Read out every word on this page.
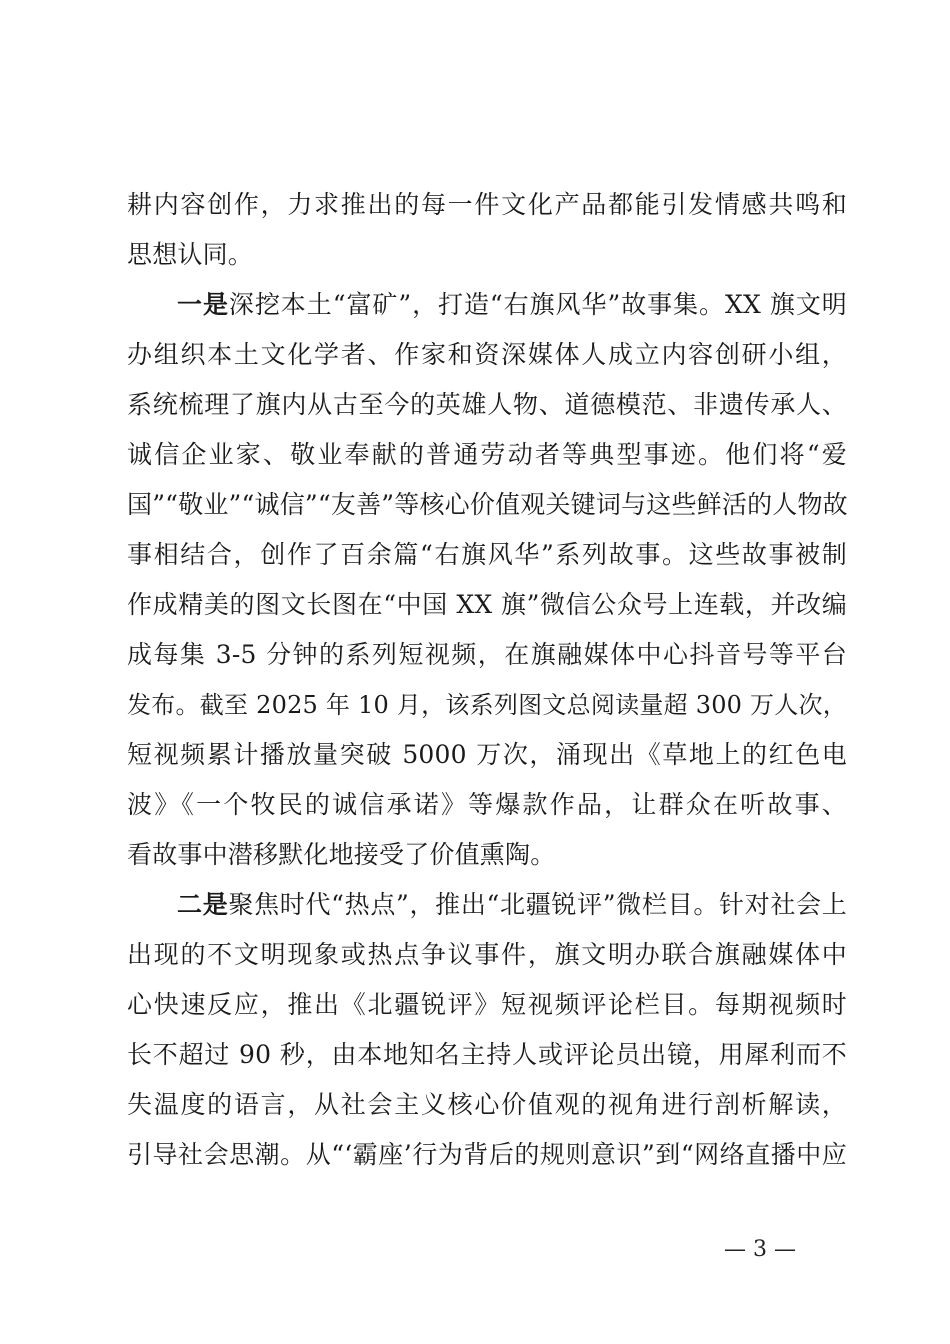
耕内容创作，力求推出的每一件文化产品都能引发情感共鸣和
思想认同。
一是深挖本土“富矿”，打造“右旗风华”故事集。XX 旗文明
办组织本土文化学者、作家和资深媒体人成立内容创研小组，
系统梳理了旗内从古至今的英雄人物、道德模范、非遗传承人、
诚信企业家、敬业奉献的普通劳动者等典型事迹。他们将“爱
国”“敬业”“诚信”“友善”等核心价值观关键词与这些鲜活的人物故
事相结合，创作了百余篇“右旗风华”系列故事。这些故事被制
作成精美的图文长图在“中国 XX 旗”微信公众号上连载，并改编
成每集 3-5 分钟的系列短视频，在旗融媒体中心抖音号等平台
发布。截至 2025 年 10 月，该系列图文总阅读量超 300 万人次，
短视频累计播放量突破 5000 万次，涌现出《草地上的红色电
波》《一个牧民的诚信承诺》等爆款作品，让群众在听故事、
看故事中潜移默化地接受了价值熏陶。
二是聚焦时代“热点”，推出“北疆锐评”微栏目。针对社会上
出现的不文明现象或热点争议事件，旗文明办联合旗融媒体中
心快速反应，推出《北疆锐评》短视频评论栏目。每期视频时
长不超过 90 秒，由本地知名主持人或评论员出镜，用犀利而不
失温度的语言，从社会主义核心价值观的视角进行剖析解读，
引导社会思潮。从“‘霸座’行为背后的规则意识”到“网络直播中应
— 3 —
